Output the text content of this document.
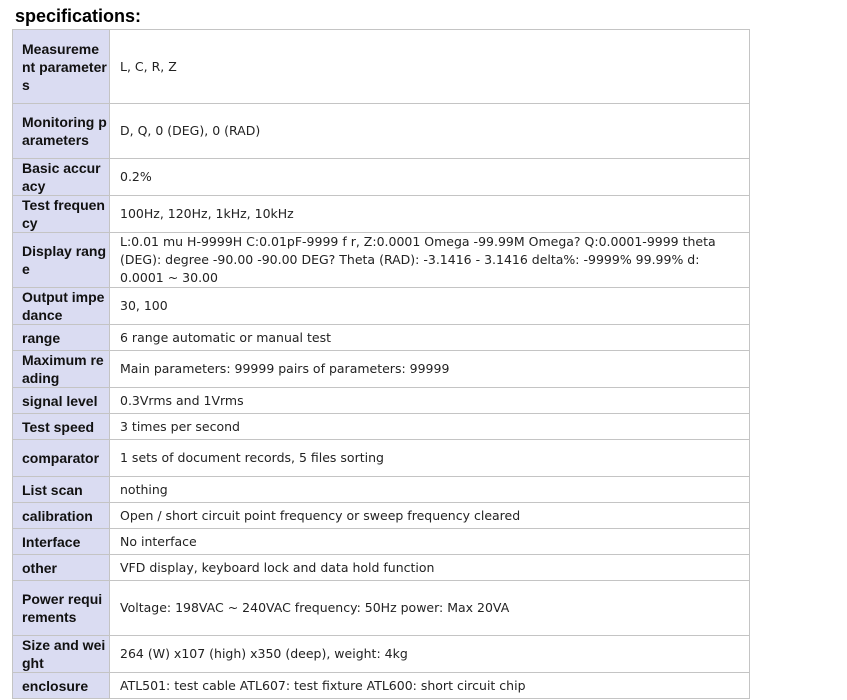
specifications:
Measurement parameters	L, C, R, Z
Monitoring parameters	D, Q, 0 (DEG), 0 (RAD)
Basic accuracy	0.2%
Test frequency	100Hz, 120Hz, 1kHz, 10kHz
Display range	L:0.01 mu H-9999H C:0.01pF-9999 f r, Z:0.0001 Omega -99.99M Omega? Q:0.0001-9999 theta (DEG): degree -90.00 -90.00 DEG? Theta (RAD): -3.1416 - 3.1416 delta%: -9999% 99.99% d: 0.0001 ~ 30.00
Output impedance	30, 100
range	6 range automatic or manual test
Maximum reading	Main parameters: 99999 pairs of parameters: 99999
signal level	0.3Vrms and 1Vrms
Test speed	3 times per second
comparator	1 sets of document records, 5 files sorting
List scan	nothing
calibration	Open / short circuit point frequency or sweep frequency cleared
Interface	No interface
other	VFD display, keyboard lock and data hold function
Power requirements	Voltage: 198VAC ~ 240VAC frequency: 50Hz power: Max 20VA
Size and weight	264 (W) x107 (high) x350 (deep), weight: 4kg
enclosure	ATL501: test cable ATL607: test fixture ATL600: short circuit chip
